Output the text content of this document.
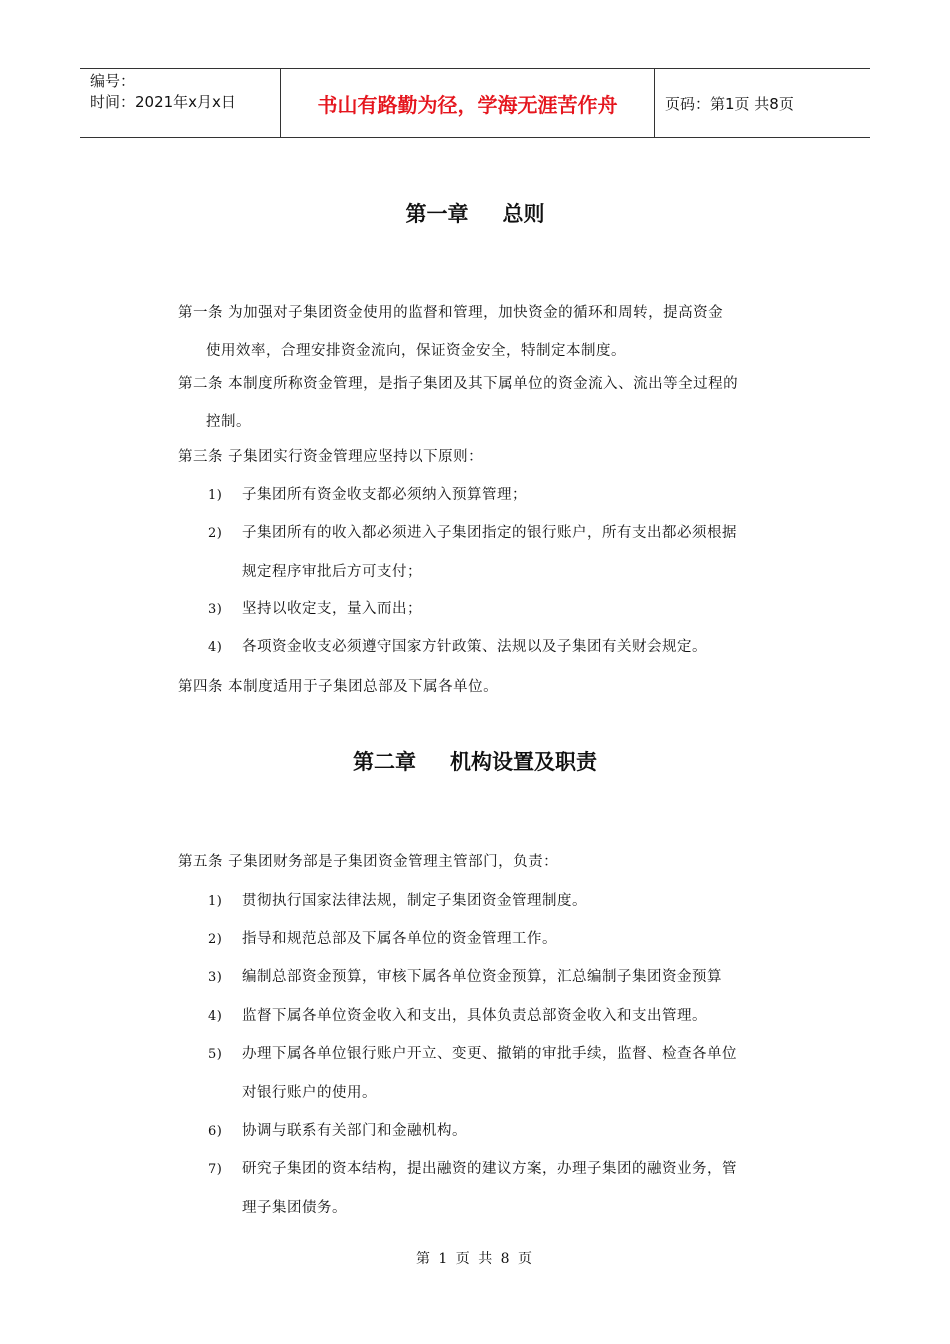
编号：
时间：2021年x月x日	书山有路勤为径，学海无涯苦作舟	页码：第1页 共8页
第一章 总则
第一条 为加强对子集团资金使用的监督和管理，加快资金的循环和周转，提高资金
使用效率，合理安排资金流向，保证资金安全，特制定本制度。
第二条 本制度所称资金管理，是指子集团及其下属单位的资金流入、流出等全过程的
控制。
第三条 子集团实行资金管理应坚持以下原则：
1) 子集团所有资金收支都必须纳入预算管理；
2) 子集团所有的收入都必须进入子集团指定的银行账户，所有支出都必须根据
规定程序审批后方可支付；
3) 坚持以收定支，量入而出；
4) 各项资金收支必须遵守国家方针政策、法规以及子集团有关财会规定。
第四条 本制度适用于子集团总部及下属各单位。
第二章 机构设置及职责
第五条 子集团财务部是子集团资金管理主管部门，负责：
1) 贯彻执行国家法律法规，制定子集团资金管理制度。
2) 指导和规范总部及下属各单位的资金管理工作。
3) 编制总部资金预算，审核下属各单位资金预算，汇总编制子集团资金预算
4) 监督下属各单位资金收入和支出，具体负责总部资金收入和支出管理。
5) 办理下属各单位银行账户开立、变更、撤销的审批手续，监督、检查各单位
对银行账户的使用。
6) 协调与联系有关部门和金融机构。
7) 研究子集团的资本结构，提出融资的建议方案，办理子集团的融资业务，管
理子集团债务。
第 1 页 共 8 页
